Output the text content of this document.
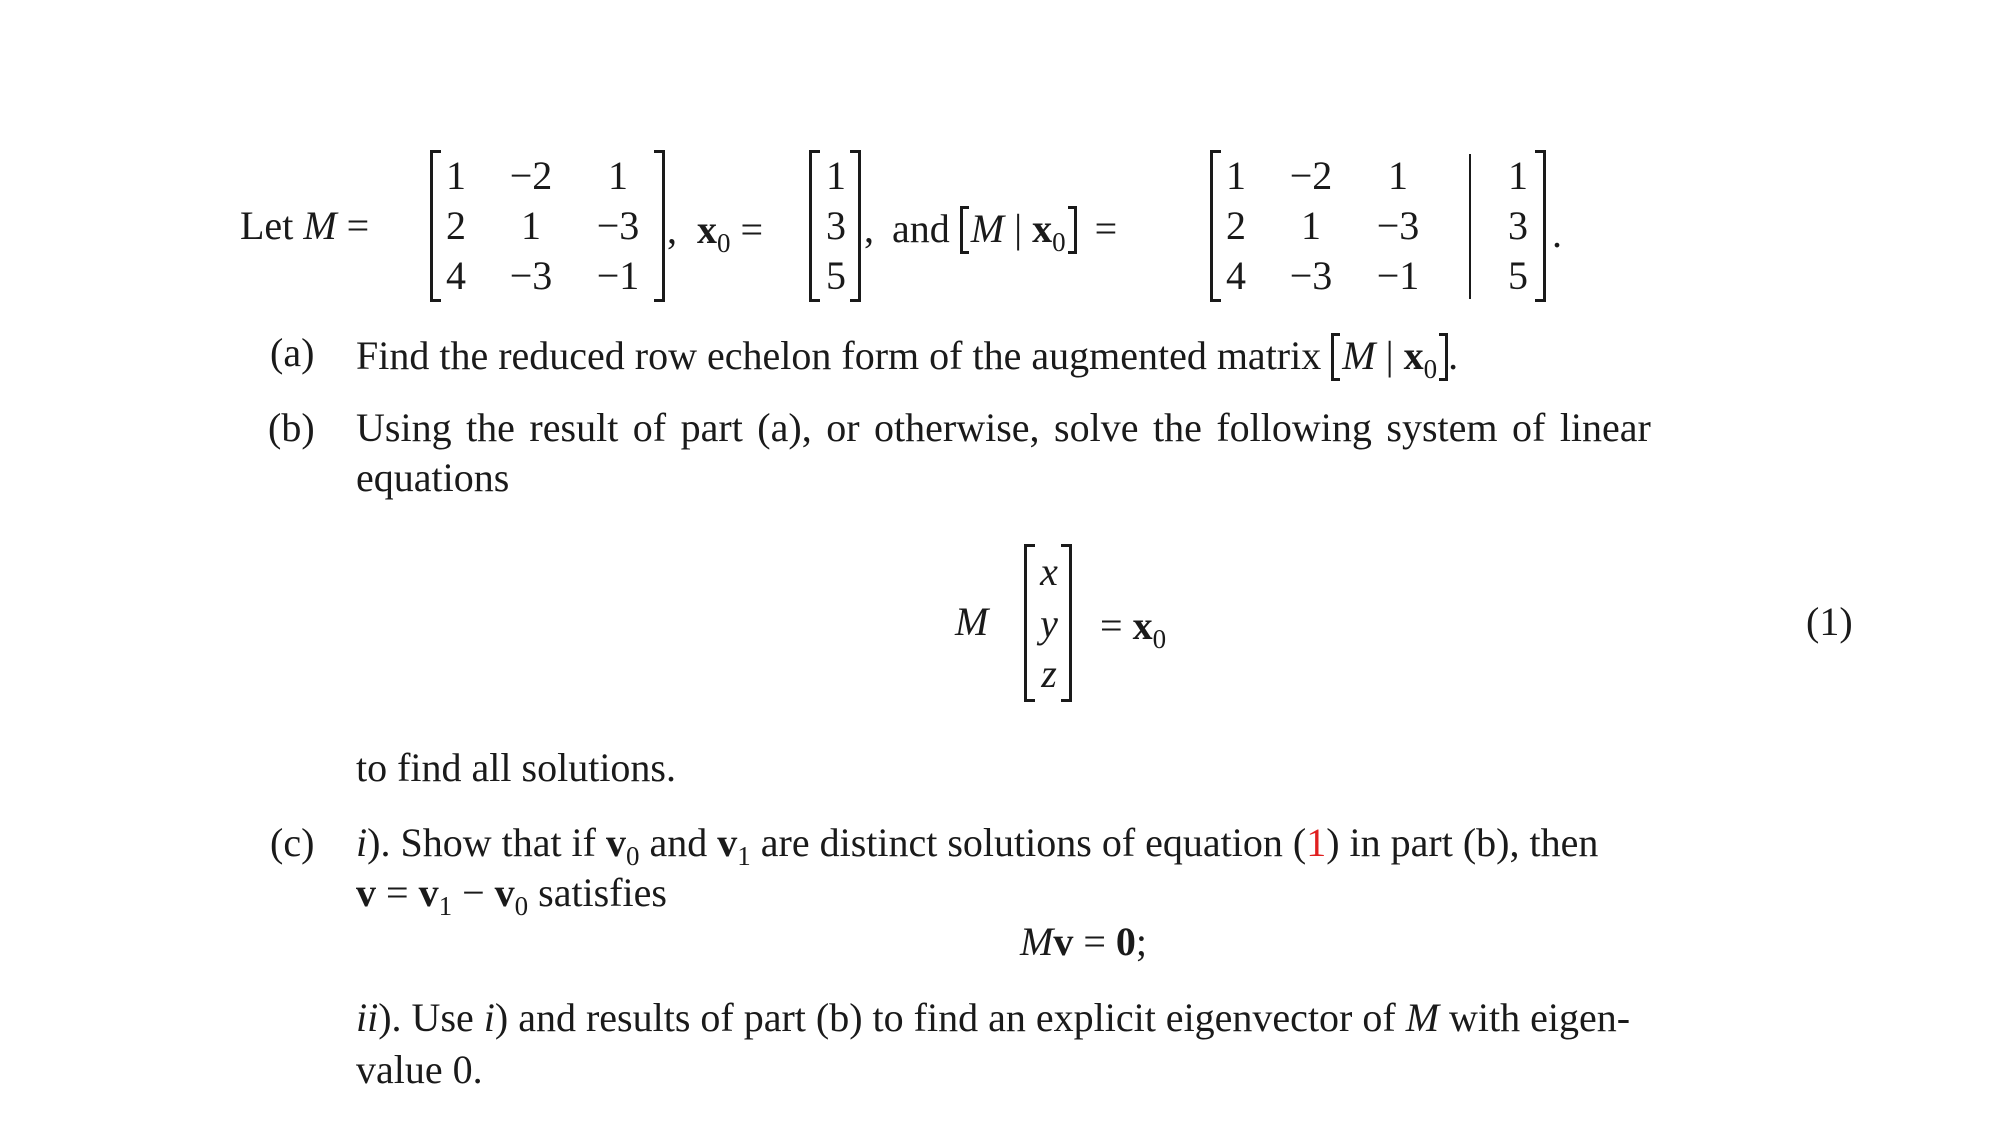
Let M =
1 −2 1
2 1 −3
4 −3 −1
, $x_0$ =
1
3
5
, and M | $x_0$ =
1 −2 1	1
2 1 −3 3
4 −3 −1 5
.
(a) Find the reduced row echelon form of the augmented matrix M | $x_0$ .
(b) Using the result of part (a), or otherwise, solve the following system of linear
equations
M
x
y
z
= $x_0$	(1)
to find all solutions.
(c) i). Show that if $v_0$ and $v_1$ are distinct solutions of equation (1) in part (b), then
$v = v_1 - v_0$ satisfies
Mv = 0;
ii). Use i) and results of part (b) to find an explicit eigenvector of M with eigen-
value 0.
